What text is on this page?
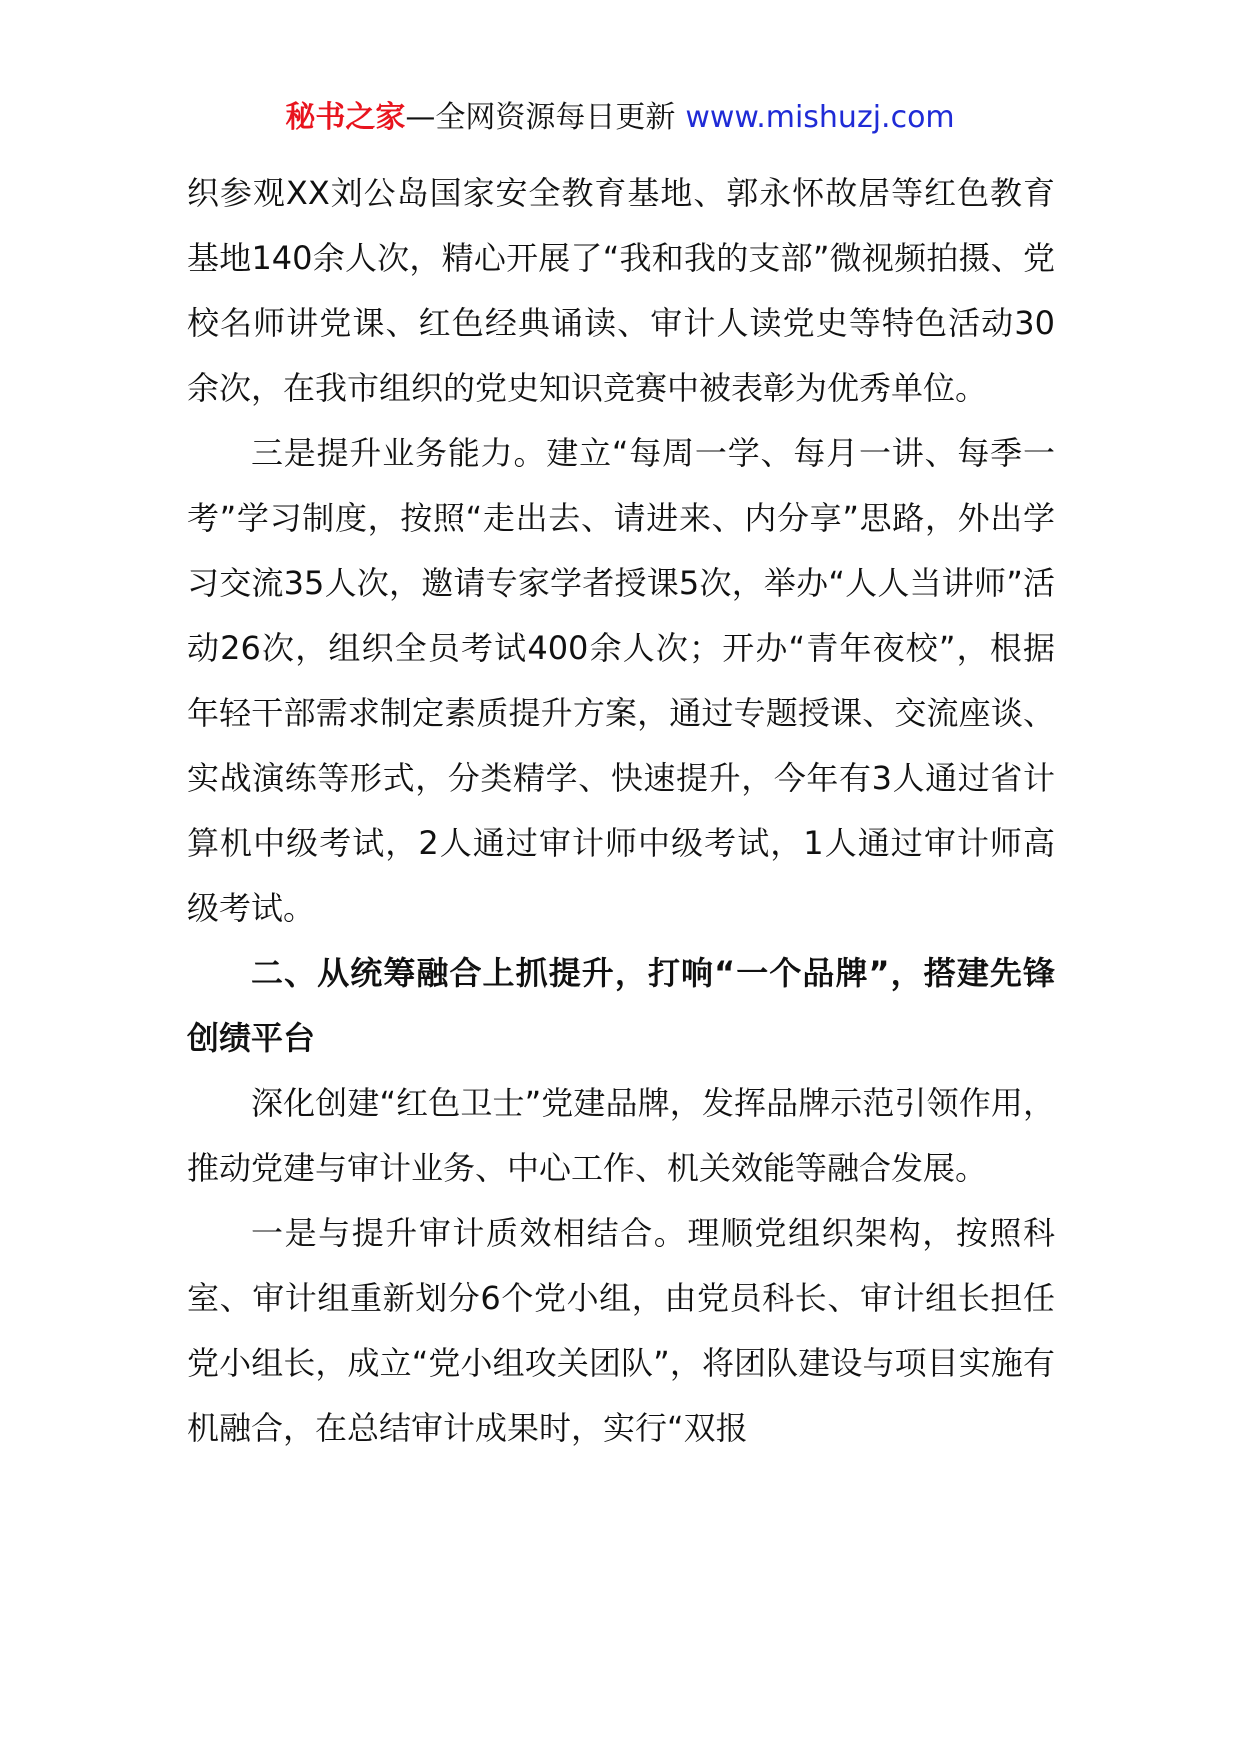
秘书之家—全网资源每日更新 www.mishuzj.com

织参观XX刘公岛国家安全教育基地、郭永怀故居等红色教育基地140余人次，精心开展了“我和我的支部”微视频拍摄、党校名师讲党课、红色经典诵读、审计人读党史等特色活动30余次，在我市组织的党史知识竞赛中被表彰为优秀单位。

三是提升业务能力。建立“每周一学、每月一讲、每季一考”学习制度，按照“走出去、请进来、内分享”思路，外出学习交流35人次，邀请专家学者授课5次，举办“人人当讲师”活动26次，组织全员考试400余人次；开办“青年夜校”，根据年轻干部需求制定素质提升方案，通过专题授课、交流座谈、实战演练等形式，分类精学、快速提升，今年有3人通过省计算机中级考试，2人通过审计师中级考试，1人通过审计师高级考试。

二、从统筹融合上抓提升，打响“一个品牌”，搭建先锋创绩平台

深化创建“红色卫士”党建品牌，发挥品牌示范引领作用，推动党建与审计业务、中心工作、机关效能等融合发展。

一是与提升审计质效相结合。理顺党组织架构，按照科室、审计组重新划分6个党小组，由党员科长、审计组长担任党小组长，成立“党小组攻关团队”，将团队建设与项目实施有机融合，在总结审计成果时，实行“双报
